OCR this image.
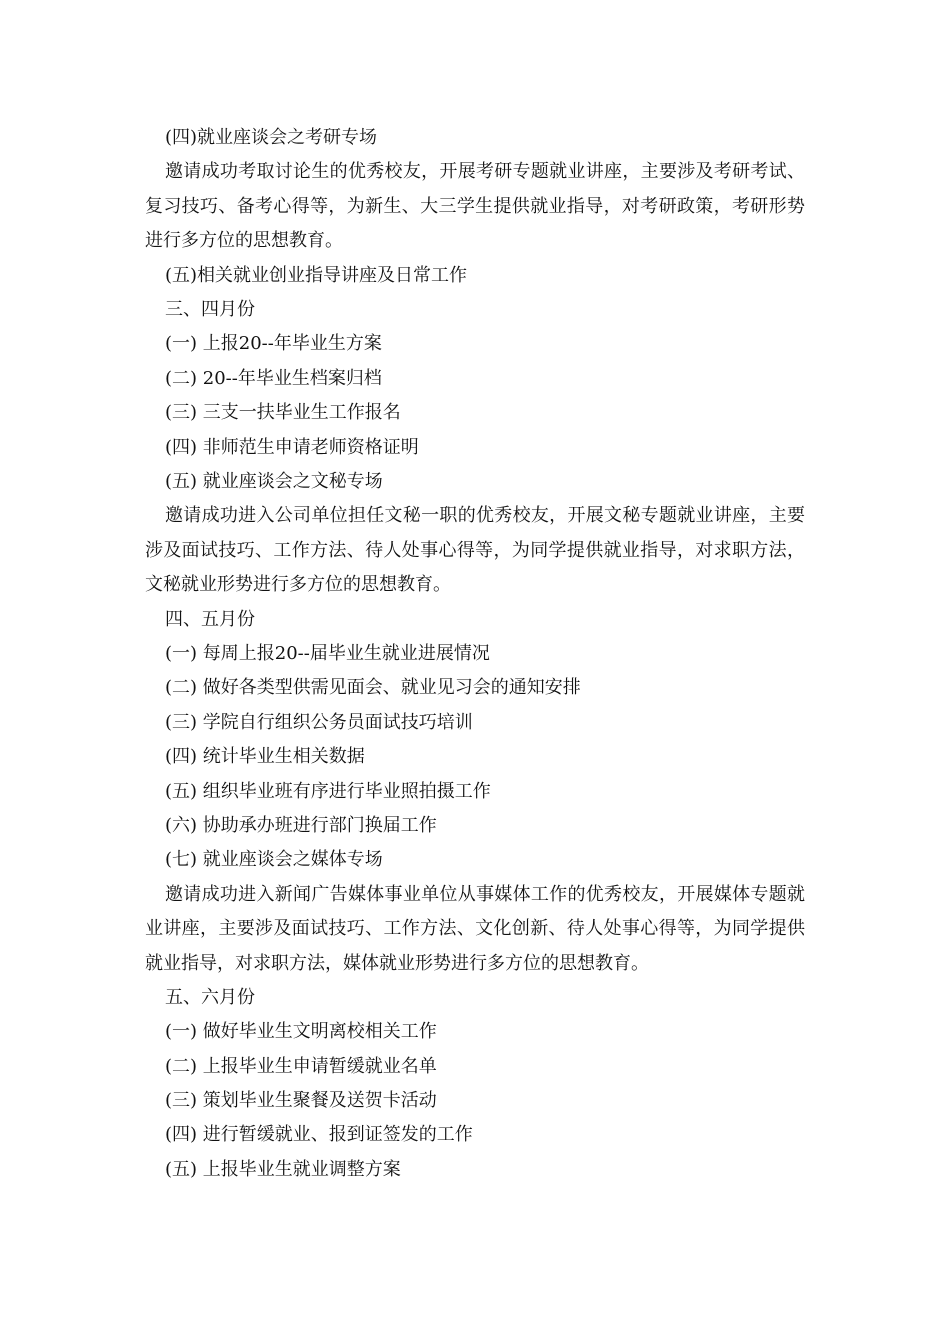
(四)就业座谈会之考研专场
邀请成功考取讨论生的优秀校友，开展考研专题就业讲座，主要涉及考研考试、复习技巧、备考心得等，为新生、大三学生提供就业指导，对考研政策，考研形势进行多方位的思想教育。
(五)相关就业创业指导讲座及日常工作
三、四月份
(一) 上报20--年毕业生方案
(二) 20--年毕业生档案归档
(三) 三支一扶毕业生工作报名
(四) 非师范生申请老师资格证明
(五) 就业座谈会之文秘专场
邀请成功进入公司单位担任文秘一职的优秀校友，开展文秘专题就业讲座，主要涉及面试技巧、工作方法、待人处事心得等，为同学提供就业指导，对求职方法，文秘就业形势进行多方位的思想教育。
四、五月份
(一) 每周上报20--届毕业生就业进展情况
(二) 做好各类型供需见面会、就业见习会的通知安排
(三) 学院自行组织公务员面试技巧培训
(四) 统计毕业生相关数据
(五) 组织毕业班有序进行毕业照拍摄工作
(六) 协助承办班进行部门换届工作
(七) 就业座谈会之媒体专场
邀请成功进入新闻广告媒体事业单位从事媒体工作的优秀校友，开展媒体专题就业讲座，主要涉及面试技巧、工作方法、文化创新、待人处事心得等，为同学提供就业指导，对求职方法，媒体就业形势进行多方位的思想教育。
五、六月份
(一) 做好毕业生文明离校相关工作
(二) 上报毕业生申请暂缓就业名单
(三) 策划毕业生聚餐及送贺卡活动
(四) 进行暂缓就业、报到证签发的工作
(五) 上报毕业生就业调整方案
